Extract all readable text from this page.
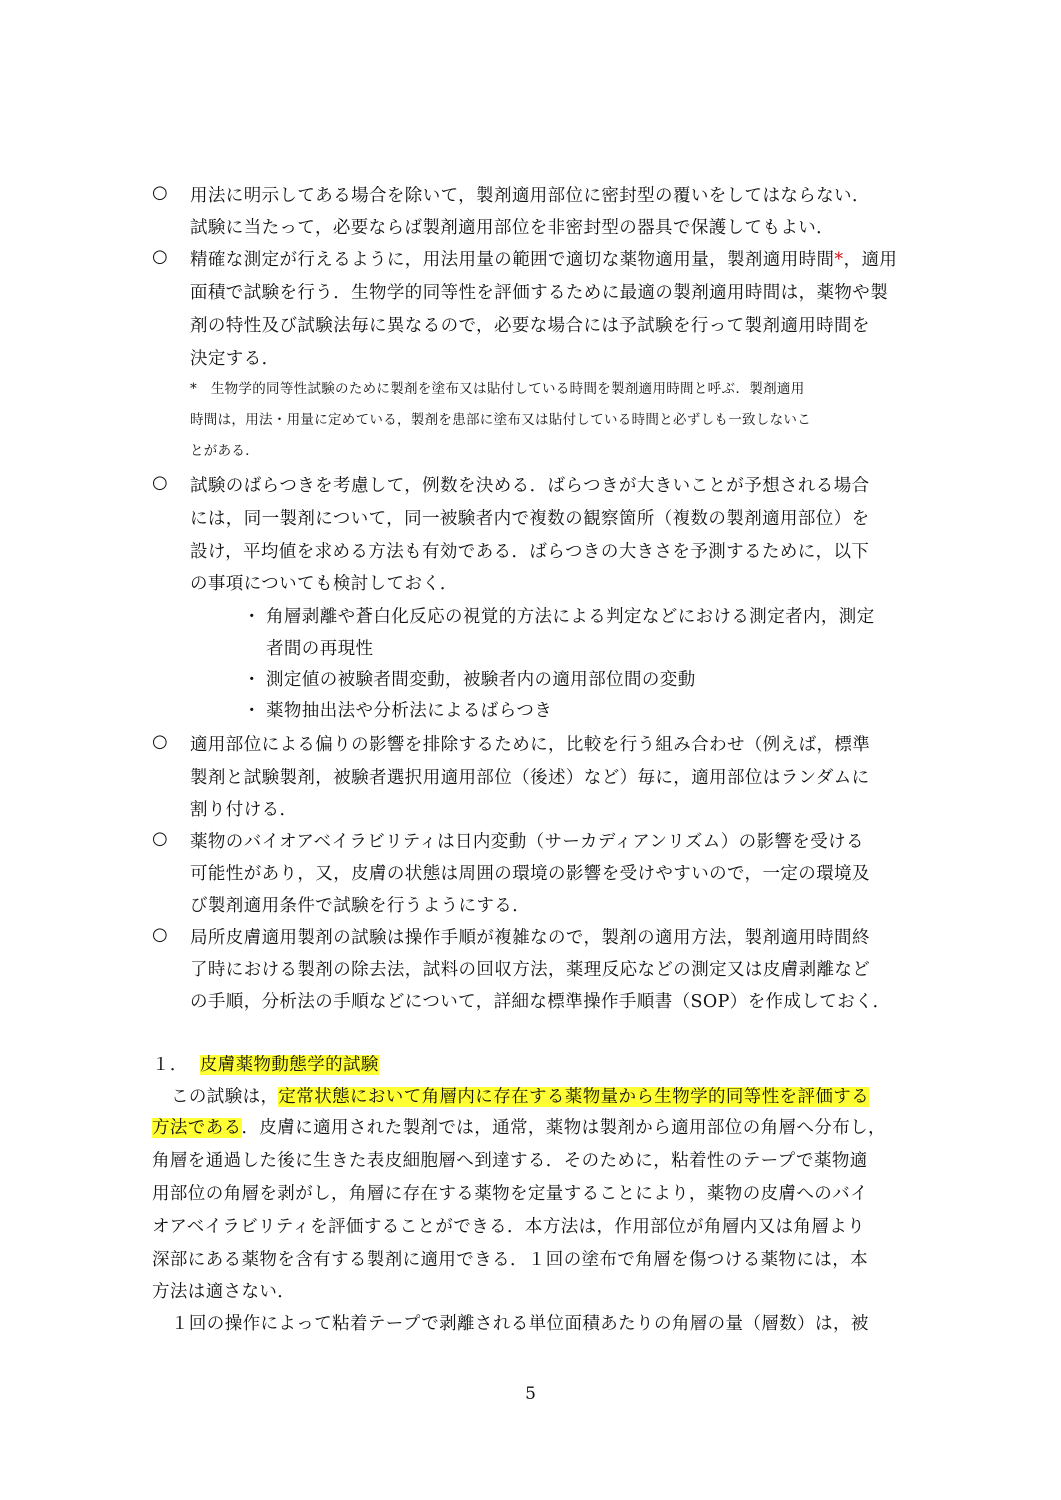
○ 用法に明示してある場合を除いて，製剤適用部位に密封型の覆いをしてはならない．
試験に当たって，必要ならば製剤適用部位を非密封型の器具で保護してもよい．
○ 精確な測定が行えるように，用法用量の範囲で適切な薬物適用量，製剤適用時間*，適用
面積で試験を行う．生物学的同等性を評価するために最適の製剤適用時間は，薬物や製
剤の特性及び試験法毎に異なるので，必要な場合には予試験を行って製剤適用時間を
決定する．
*　生物学的同等性試験のために製剤を塗布又は貼付している時間を製剤適用時間と呼ぶ．製剤適用
時間は，用法・用量に定めている，製剤を患部に塗布又は貼付している時間と必ずしも一致しないこ
とがある．
○ 試験のばらつきを考慮して，例数を決める．ばらつきが大きいことが予想される場合
には，同一製剤について，同一被験者内で複数の観察箇所（複数の製剤適用部位）を
設け，平均値を求める方法も有効である．ばらつきの大きさを予測するために，以下
の事項についても検討しておく．
・ 角層剥離や蒼白化反応の視覚的方法による判定などにおける測定者内，測定
者間の再現性
・ 測定値の被験者間変動，被験者内の適用部位間の変動
・ 薬物抽出法や分析法によるばらつき
○ 適用部位による偏りの影響を排除するために，比較を行う組み合わせ（例えば，標準
製剤と試験製剤，被験者選択用適用部位（後述）など）毎に，適用部位はランダムに
割り付ける．
○ 薬物のバイオアベイラビリティは日内変動（サーカディアンリズム）の影響を受ける
可能性があり，又，皮膚の状態は周囲の環境の影響を受けやすいので，一定の環境及
び製剤適用条件で試験を行うようにする．
○ 局所皮膚適用製剤の試験は操作手順が複雑なので，製剤の適用方法，製剤適用時間終
了時における製剤の除去法，試料の回収方法，薬理反応などの測定又は皮膚剥離など
の手順，分析法の手順などについて，詳細な標準操作手順書（SOP）を作成しておく．
１． 皮膚薬物動態学的試験
この試験は，定常状態において角層内に存在する薬物量から生物学的同等性を評価する
方法である．皮膚に適用された製剤では，通常，薬物は製剤から適用部位の角層へ分布し，
角層を通過した後に生きた表皮細胞層へ到達する．そのために，粘着性のテープで薬物適
用部位の角層を剥がし，角層に存在する薬物を定量することにより，薬物の皮膚へのバイ
オアベイラビリティを評価することができる．本方法は，作用部位が角層内又は角層より
深部にある薬物を含有する製剤に適用できる．１回の塗布で角層を傷つける薬物には，本
方法は適さない．
１回の操作によって粘着テープで剥離される単位面積あたりの角層の量（層数）は，被
5
